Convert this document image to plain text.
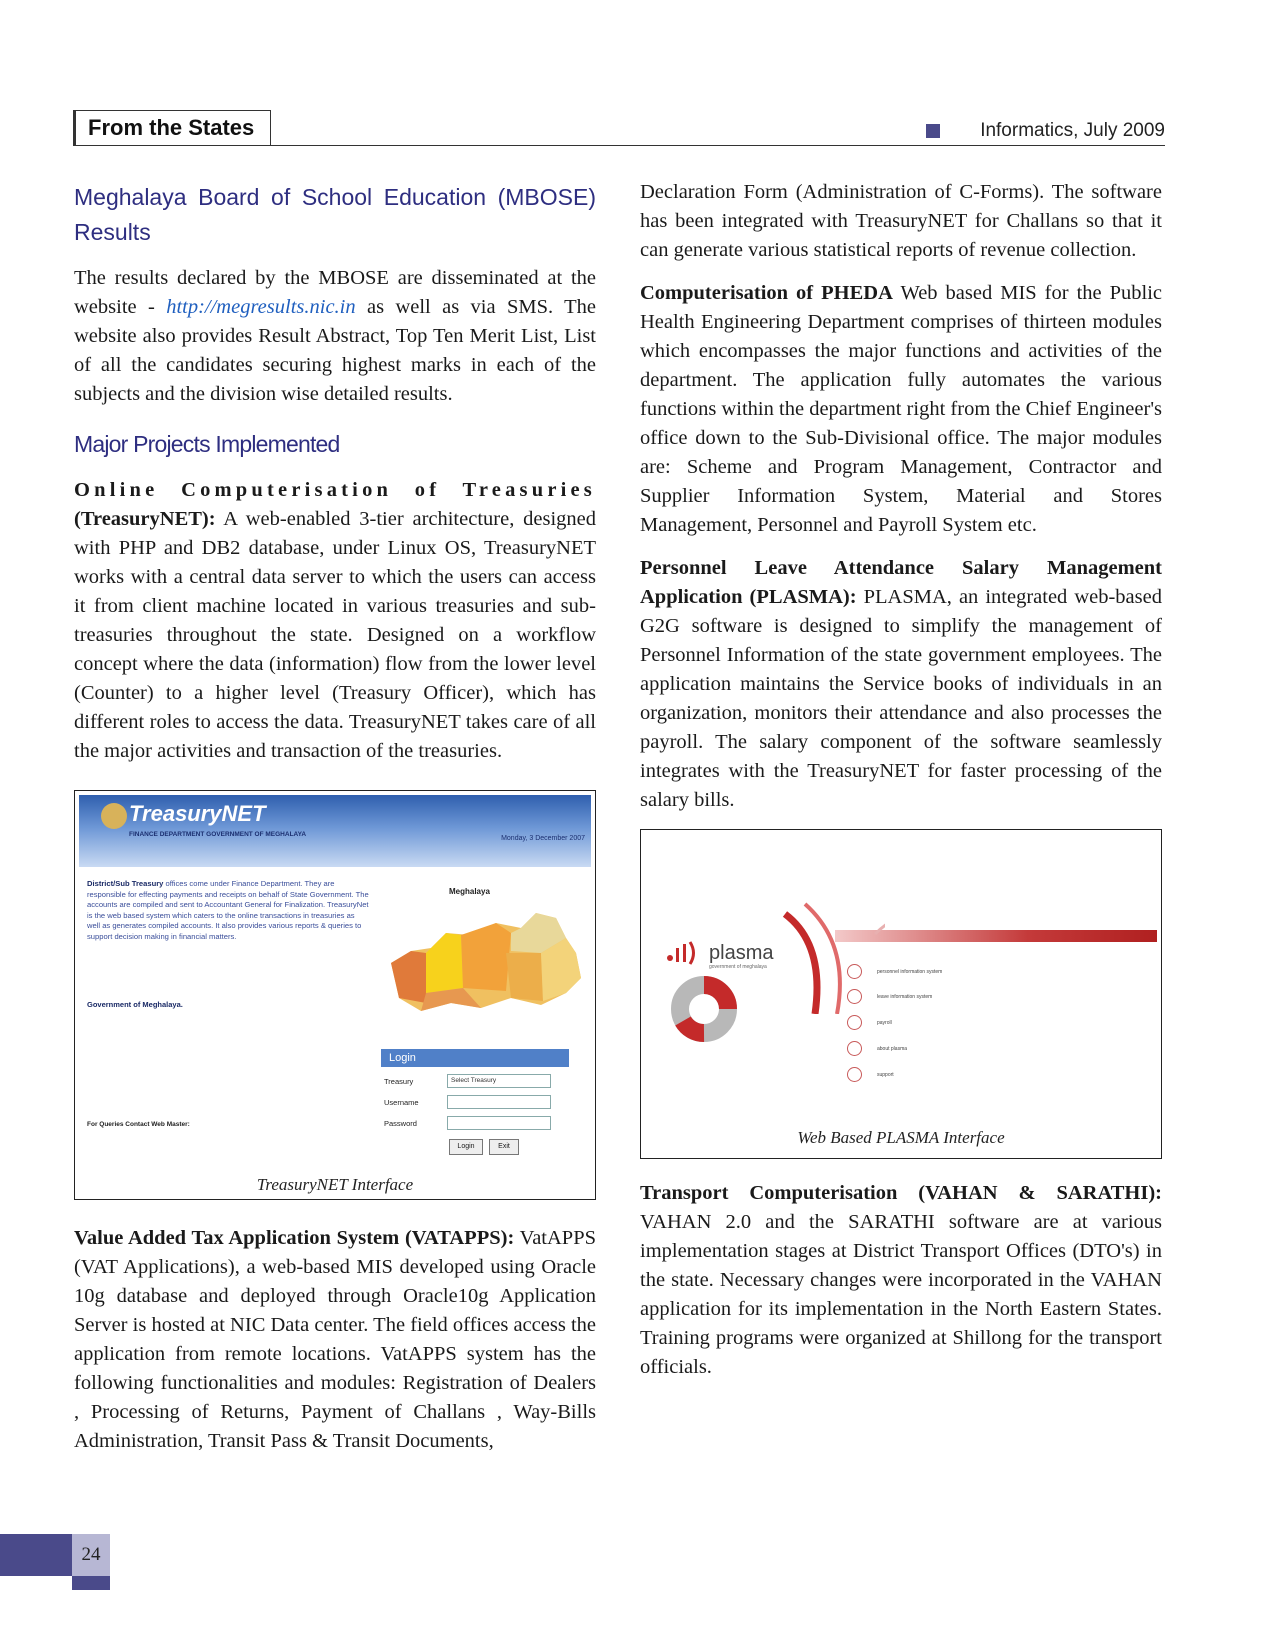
From the States	Informatics, July 2009
Meghalaya Board of School Education (MBOSE) Results

The results declared by the MBOSE are disseminated at the website - http://megresults.nic.in as well as via SMS. The website also provides Result Abstract, Top Ten Merit List, List of all the candidates securing highest marks in each of the subjects and the division wise detailed results.

Major Projects Implemented

Online Computerisation of Treasuries (TreasuryNET): A web-enabled 3-tier architecture, designed with PHP and DB2 database, under Linux OS, TreasuryNET works with a central data server to which the users can access it from client machine located in various treasuries and sub-treasuries throughout the state. Designed on a workflow concept where the data (information) flow from the lower level (Counter) to a higher level (Treasury Officer), which has different roles to access the data. TreasuryNET takes care of all the major activities and transaction of the treasuries.

TreasuryNET
FINANCE DEPARTMENT GOVERNMENT OF MEGHALAYA
Monday, 3 December 2007
District/Sub Treasury offices come under Finance Department. They are responsible for effecting payments and receipts on behalf of State Government. The accounts are compiled and sent to Accountant General for Finalization. TreasuryNet is the web based system which caters to the online transactions in treasuries as well as generates compiled accounts. It also provides various reports & queries to support decision making in financial matters.
Government of Meghalaya.
Meghalaya
Login
Treasury	Select Treasury
Username
Password
Login	Exit
For Queries Contact Web Master:
TreasuryNET Interface

Value Added Tax Application System (VATAPPS): VatAPPS (VAT Applications), a web-based MIS developed using Oracle 10g database and deployed through Oracle10g Application Server is hosted at NIC Data center. The field offices access the application from remote locations. VatAPPS system has the following functionalities and modules: Registration of Dealers , Processing of Returns, Payment of Challans , Way-Bills Administration, Transit Pass & Transit Documents,

Declaration Form (Administration of C-Forms). The software has been integrated with TreasuryNET for Challans so that it can generate various statistical reports of revenue collection.

Computerisation of PHEDA Web based MIS for the Public Health Engineering Department comprises of thirteen modules which encompasses the major functions and activities of the department. The application fully automates the various functions within the department right from the Chief Engineer's office down to the Sub-Divisional office. The major modules are: Scheme and Program Management, Contractor and Supplier Information System, Material and Stores Management, Personnel and Payroll System etc.

Personnel Leave Attendance Salary Management Application (PLASMA): PLASMA, an integrated web-based G2G software is designed to simplify the management of Personnel Information of the state government employees. The application maintains the Service books of individuals in an organization, monitors their attendance and also processes the payroll. The salary component of the software seamlessly integrates with the TreasuryNET for faster processing of the salary bills.

plasma
government of meghalaya
personnel information system
leave information system
payroll
about plasma
support
Web Based PLASMA Interface

Transport Computerisation (VAHAN & SARATHI): VAHAN 2.0 and the SARATHI software are at various implementation stages at District Transport Offices (DTO's) in the state. Necessary changes were incorporated in the VAHAN application for its implementation in the North Eastern States. Training programs were organized at Shillong for the transport officials.

24
